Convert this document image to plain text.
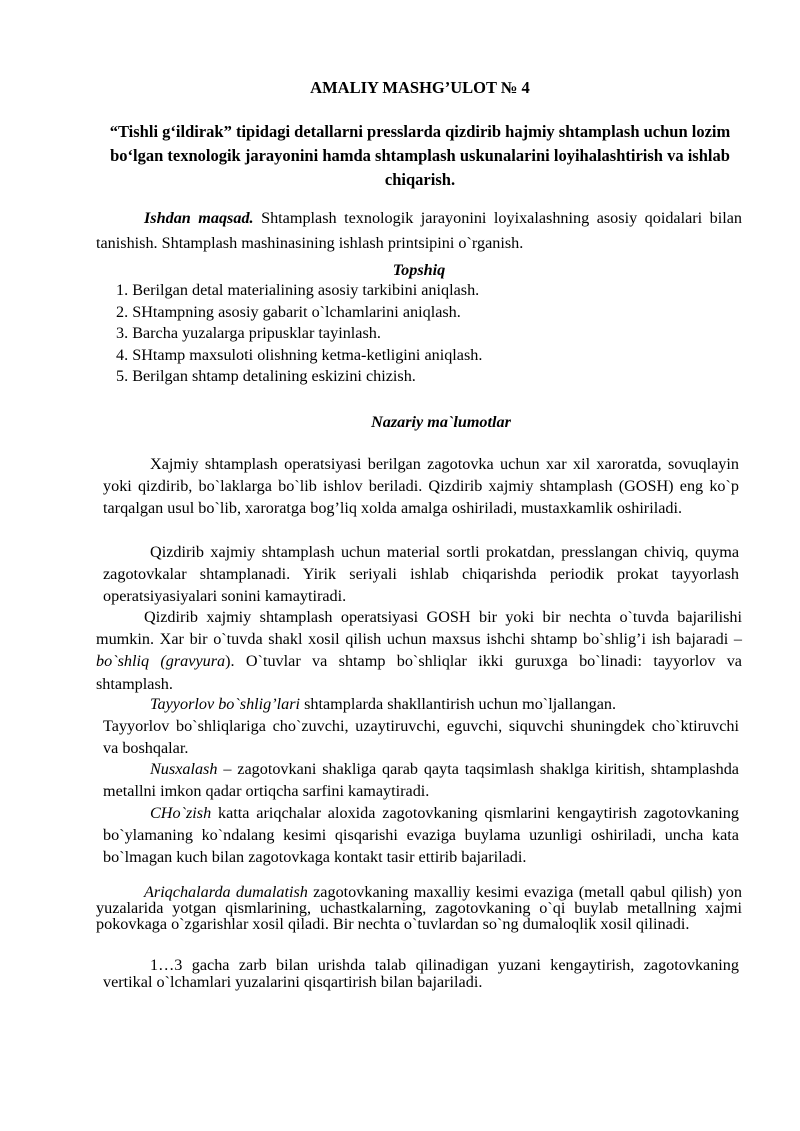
AMALIY MASHG’ULOT № 4

“Tishli g‘ildirak” tipidagi detallarni presslarda qizdirib hajmiy shtamplash uchun lozim bo‘lgan texnologik jarayonini hamda shtamplash uskunalarini loyihalashtirish va ishlab chiqarish.

Ishdan maqsad. Shtamplash texnologik jarayonini loyixalashning asosiy qoidalari bilan tanishish. Shtamplash mashinasining ishlash printsipini o`rganish.

Topshiq
1. Berilgan detal materialining asosiy tarkibini aniqlash.
2. SHtampning asosiy gabarit o`lchamlarini aniqlash.
3. Barcha yuzalarga pripusklar tayinlash.
4. SHtamp maxsuloti olishning ketma-ketligini aniqlash.
5. Berilgan shtamp detalining eskizini chizish.
Nazariy ma`lumotlar

Xajmiy shtamplash operatsiyasi berilgan zagotovka uchun xar xil xaroratda, sovuqlayin yoki qizdirib, bo`laklarga bo`lib ishlov beriladi. Qizdirib xajmiy shtamplash (GOSH) eng ko`p tarqalgan usul bo`lib, xaroratga bog’liq xolda amalga oshiriladi, mustaxkamlik oshiriladi.

Qizdirib xajmiy shtamplash uchun material sortli prokatdan, presslangan chiviq, quyma zagotovkalar shtamplanadi. Yirik seriyali ishlab chiqarishda periodik prokat tayyorlash operatsiyasiyalari sonini kamaytiradi.

Qizdirib xajmiy shtamplash operatsiyasi GOSH bir yoki bir nechta o`tuvda bajarilishi mumkin. Xar bir o`tuvda shakl xosil qilish uchun maxsus ishchi shtamp bo`shlig’i ish bajaradi – bo`shliq (gravyura). O`tuvlar va shtamp bo`shliqlar ikki guruxga bo`linadi: tayyorlov va shtamplash.

Tayyorlov bo`shlig’lari shtamplarda shakllantirish uchun mo`ljallangan.
Tayyorlov bo`shliqlariga cho`zuvchi, uzaytiruvchi, eguvchi, siquvchi shuningdek cho`ktiruvchi va boshqalar.

Nusxalash – zagotovkani shakliga qarab qayta taqsimlash shaklga kiritish, shtamplashda metallni imkon qadar ortiqcha sarfini kamaytiradi.

CHo`zish katta ariqchalar aloxida zagotovkaning qismlarini kengaytirish zagotovkaning bo`ylamaning ko`ndalang kesimi qisqarishi evaziga buylama uzunligi oshiriladi, uncha kata bo`lmagan kuch bilan zagotovkaga kontakt tasir ettirib bajariladi.

Ariqchalarda dumalatish zagotovkaning maxalliy kesimi evaziga (metall qabul qilish) yon yuzalarida yotgan qismlarining, uchastkalarning, zagotovkaning o`qi buylab metallning xajmi pokovkaga o`zgarishlar xosil qiladi. Bir nechta o`tuvlardan so`ng dumaloqlik xosil qilinadi.

1…3 gacha zarb bilan urishda talab qilinadigan yuzani kengaytirish, zagotovkaning vertikal o`lchamlari yuzalarini qisqartirish bilan bajariladi.
